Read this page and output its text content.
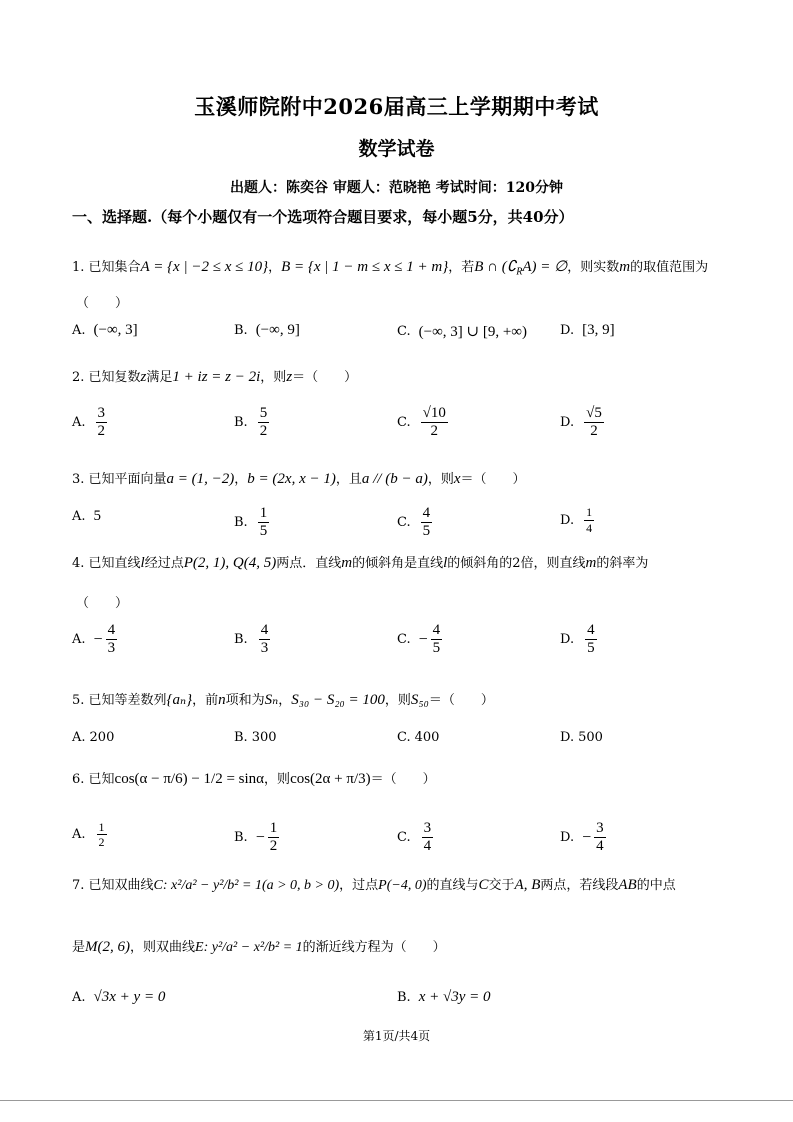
玉溪师院附中2026届高三上学期期中考试
数学试卷
出题人：陈奕谷 审题人：范晓艳 考试时间：120分钟
一、选择题.（每个小题仅有一个选项符合题目要求，每小题5分，共40分）
1. 已知集合A = {x | −2 ≤ x ≤ 10}，B = {x | 1 − m ≤ x ≤ 1 + m}，若B ∩ $(∁_RA)$ = ∅，则实数m的取值范围为
（　　）
A. (−∞, 3]	B. (−∞, 9]	C. (−∞, 3] ∪ [9, +∞)	D. [3, 9]
2. 已知复数z满足1 + iz = z − 2i，则z＝（　　）
A. $\frac{3}{2}$	B. $\frac{5}{2}$	C. $\frac{√10}{2}$	D. $\frac{√5}{2}$
3. 已知平面向量a = (1, −2)，b = (2x, x − 1)，且a // (b − a)，则x＝（　　）
A. 5	B. $\frac{1}{5}$	C. $\frac{4}{5}$	D. $\frac{1}{4}$
4. 已知直线l经过点P(2, 1), Q(4, 5)两点．直线m的倾斜角是直线l的倾斜角的2倍，则直线m的斜率为
（　　）
A. − $\frac{4}{3}$	B. $\frac{4}{3}$	C. − $\frac{4}{5}$	D. $\frac{4}{5}$
5. 已知等差数列{aₙ}，前n项和为Sₙ，S₃₀ − S₂₀ = 100，则S₅₀＝（　　）
A. 200	B. 300	C. 400	D. 500
6. 已知cos(α − π/6) − 1/2 = sinα，则cos(2α + π/3)＝（　　）
A. $\frac{1}{2}$	B. − $\frac{1}{2}$	C. $\frac{3}{4}$	D. − $\frac{3}{4}$
7. 已知双曲线C: x²/a² − y²/b² = 1(a > 0, b > 0)，过点P(−4, 0)的直线与C交于A, B两点，若线段AB的中点
是M(2, 6)，则双曲线E: y²/a² − x²/b² = 1的渐近线方程为（　　）
A. √3x + y = 0	B. x + √3y = 0
第1页/共4页
